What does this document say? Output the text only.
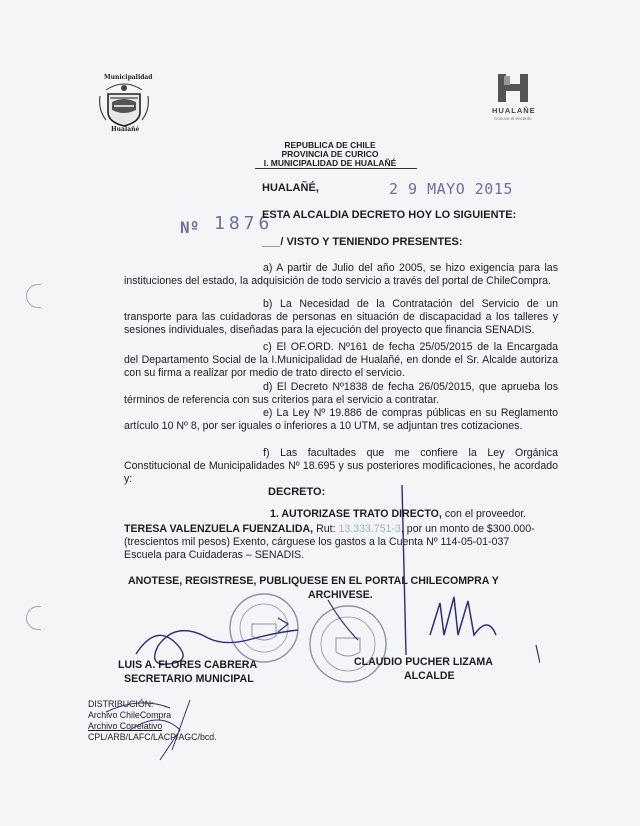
Municipalidad
Hualañé
HUALAÑE
Conoce el encanto
REPUBLICA DE CHILE
PROVINCIA DE CURICO
I. MUNICIPALIDAD DE HUALAÑÉ
HUALAÑÉ,	2 9 MAYO 2015
Nº 1876
ESTA ALCALDIA DECRETO HOY LO SIGUIENTE:
___/ VISTO Y TENIENDO PRESENTES:
a) A partir de Julio del año 2005, se hizo exigencia para las instituciones del estado, la adquisición de todo servicio a través del portal de ChileCompra.
b) La Necesidad de la Contratación del Servicio de un transporte para las cuidadoras de personas en situación de discapacidad a los talleres y sesiones individuales, diseñadas para la ejecución del proyecto que financia SENADIS.
c) El OF.ORD. Nº161 de fecha 25/05/2015 de la Encargada del Departamento Social de la I.Municipalidad de Hualañé, en donde el Sr. Alcalde autoriza con su firma a realizar por medio de trato directo el servicio.
d) El Decreto Nº1838 de fecha 26/05/2015, que aprueba los términos de referencia con sus criterios para el servicio a contratar.
e) La Ley Nº 19.886 de compras públicas en su Reglamento artículo 10 Nº 8, por ser iguales o inferiores a 10 UTM, se adjuntan tres cotizaciones.
f) Las facultades que me confiere la Ley Orgánica Constitucional de Municipalidades Nº 18.695 y sus posteriores modificaciones, he acordado y:
DECRETO:
1. AUTORIZASE TRATO DIRECTO, con el proveedor.
TERESA VALENZUELA FUENZALIDA, Rut: 13.333.751-3, por un monto de $300.000-
(trescientos mil pesos) Exento, cárguese los gastos a la Cuenta Nº 114-05-01-037
Escuela para Cuidaderas – SENADIS.
ANOTESE, REGISTRESE, PUBLIQUESE EN EL PORTAL CHILECOMPRA Y
ARCHIVESE.
LUIS A. FLORES CABRERA
SECRETARIO MUNICIPAL
CLAUDIO PUCHER LIZAMA
ALCALDE
DISTRIBUCIÓN:
Archivo ChileCompra
Archivo Correlativo
CPL/ARB/LAFC/LACP/AGC/bcd.
